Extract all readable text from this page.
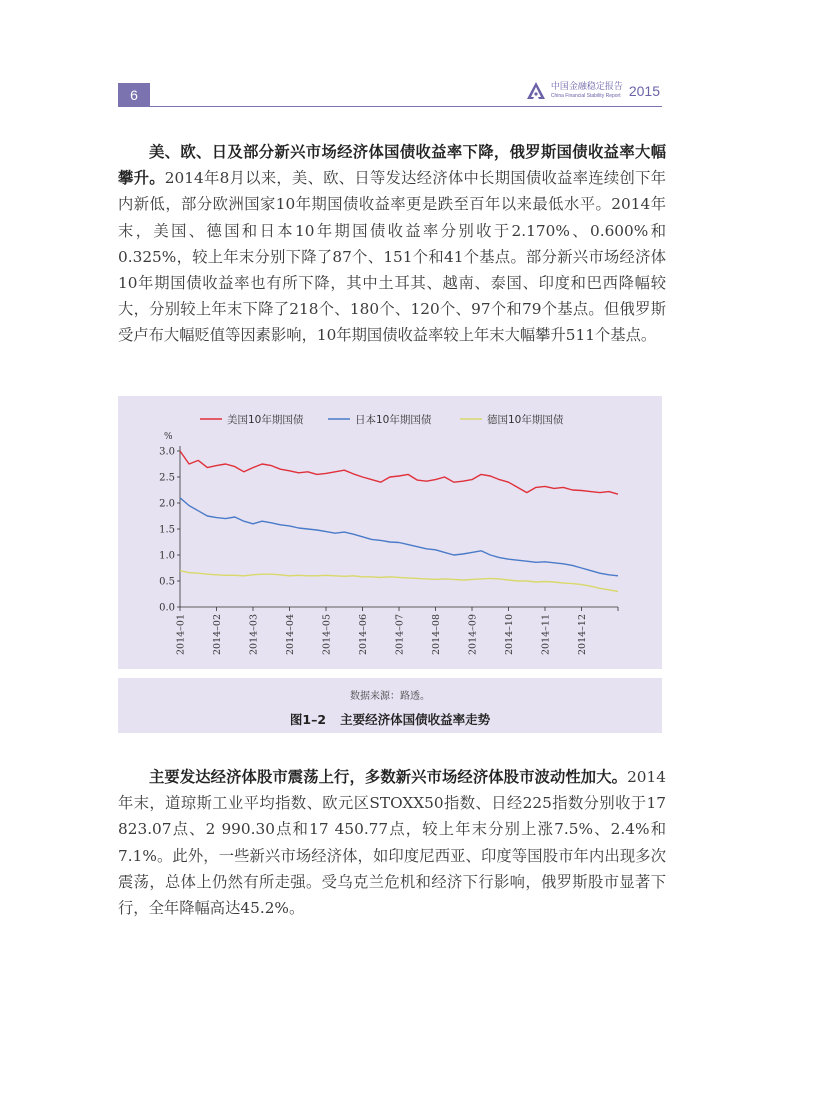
6	中国金融稳定报告
China Financial Stability Report 2015

美、欧、日及部分新兴市场经济体国债收益率下降，俄罗斯国债收益率大幅攀升。2014年8月以来，美、欧、日等发达经济体中长期国债收益率连续创下年内新低，部分欧洲国家10年期国债收益率更是跌至百年以来最低水平。2014年末，美国、德国和日本10年期国债收益率分别收于2.170%、0.600%和0.325%，较上年末分别下降了87个、151个和41个基点。部分新兴市场经济体10年期国债收益率也有所下降，其中土耳其、越南、泰国、印度和巴西降幅较大，分别较上年末下降了218个、180个、120个、97个和79个基点。但俄罗斯受卢布大幅贬值等因素影响，10年期国债收益率较上年末大幅攀升511个基点。

3.0
2.5
2.0
1.5
1.0
0.5
0.0
%
2014–01	2014–02	2014–03	2014–04	2014–05	2014–06	2014–07	2014–08	2014–09	2014–10	2014–11	2014–12
美国10年期国债	日本10年期国债	德国10年期国债
数据来源：路透。
图1–2 主要经济体国债收益率走势

主要发达经济体股市震荡上行，多数新兴市场经济体股市波动性加大。2014年末，道琼斯工业平均指数、欧元区STOXX50指数、日经225指数分别收于17 823.07点、2 990.30点和17 450.77点，较上年末分别上涨7.5%、2.4%和7.1%。此外，一些新兴市场经济体，如印度尼西亚、印度等国股市年内出现多次震荡，总体上仍然有所走强。受乌克兰危机和经济下行影响，俄罗斯股市显著下行，全年降幅高达45.2%。
